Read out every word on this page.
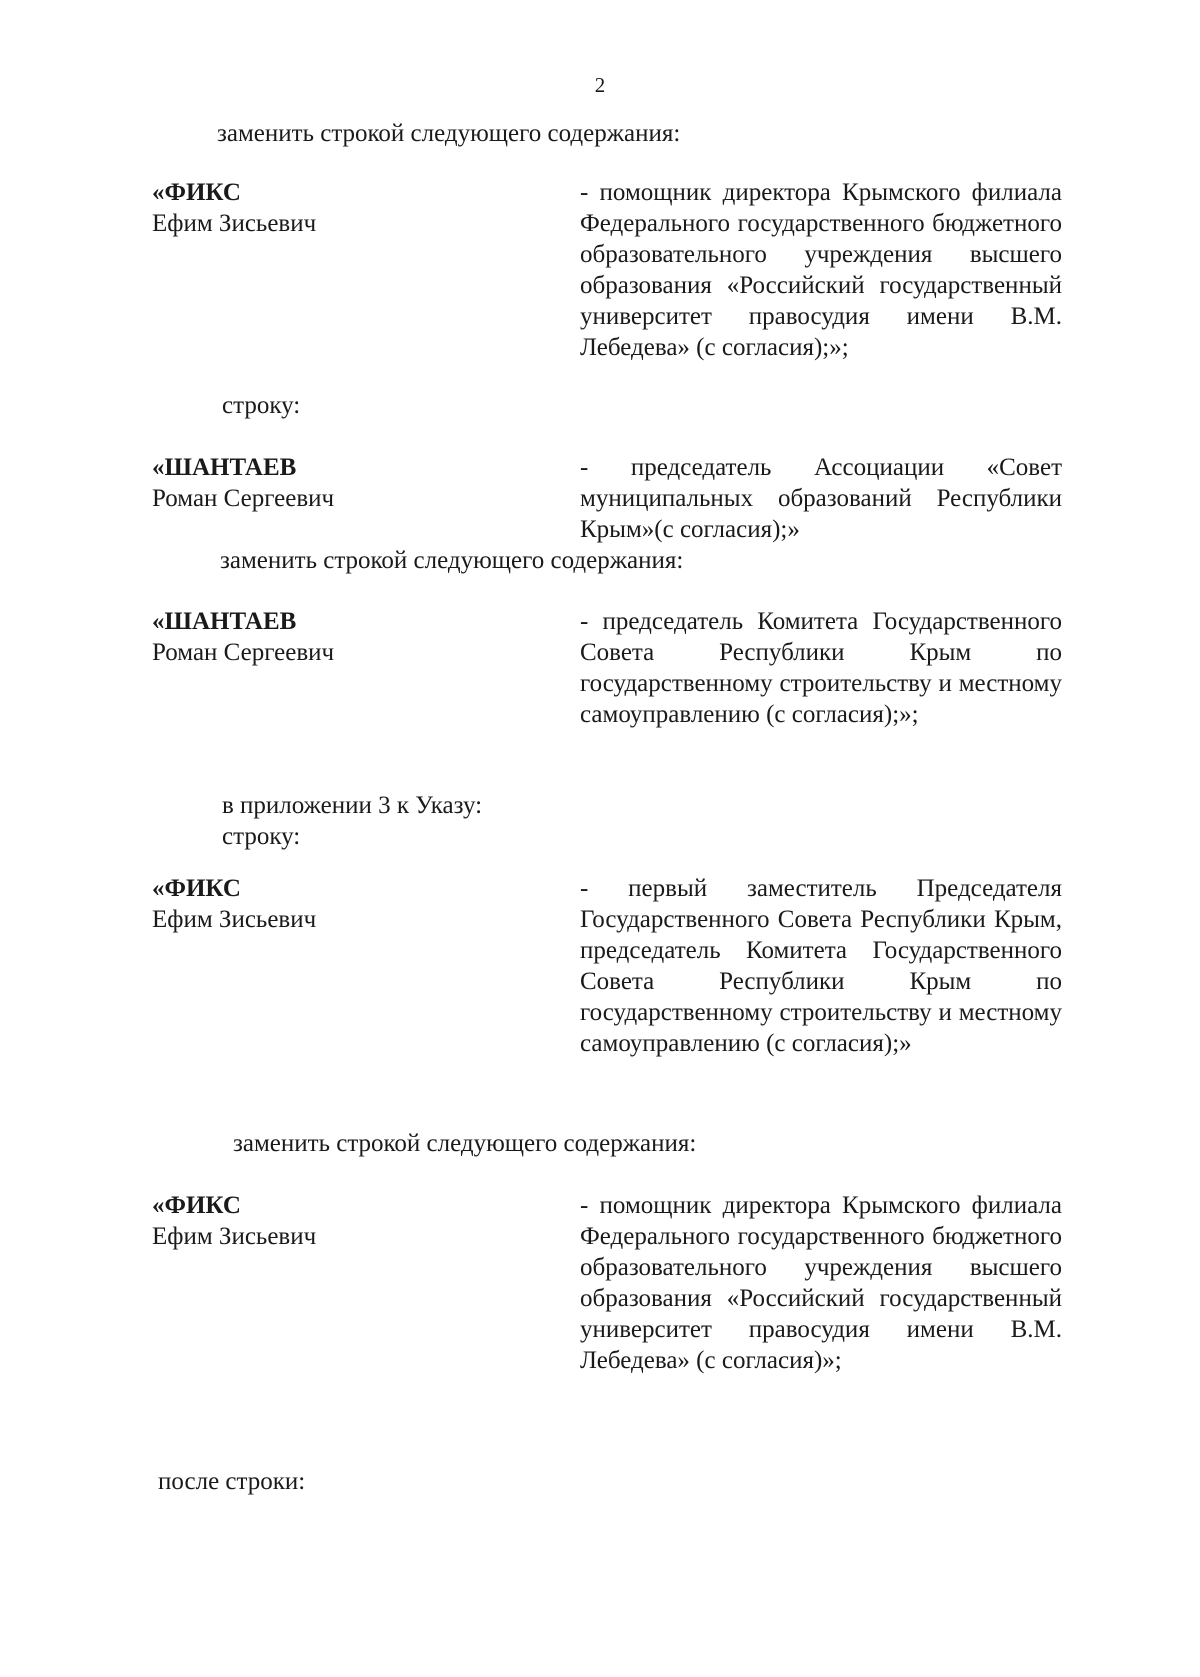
2
заменить строкой следующего содержания:
«ФИКС
Ефим Зисьевич
- помощник директора Крымского филиала Федерального государственного бюджетного образовательного учреждения высшего образования «Российский государственный университет правосудия имени В.М. Лебедева» (с согласия);»;
строку:
«ШАНТАЕВ
Роман Сергеевич
- председатель Ассоциации «Совет муниципальных образований Республики Крым»(с согласия);»
заменить строкой следующего содержания:
«ШАНТАЕВ
Роман Сергеевич
- председатель Комитета Государственного Совета Республики Крым по государственному строительству и местному самоуправлению (с согласия);»;
в приложении 3 к Указу:
строку:
«ФИКС
Ефим Зисьевич
- первый заместитель Председателя Государственного Совета Республики Крым, председатель Комитета Государственного Совета Республики Крым по государственному строительству и местному самоуправлению (с согласия);»
заменить строкой следующего содержания:
«ФИКС
Ефим Зисьевич
- помощник директора Крымского филиала Федерального государственного бюджетного образовательного учреждения высшего образования «Российский государственный университет правосудия имени В.М. Лебедева» (с согласия)»;
после строки:
